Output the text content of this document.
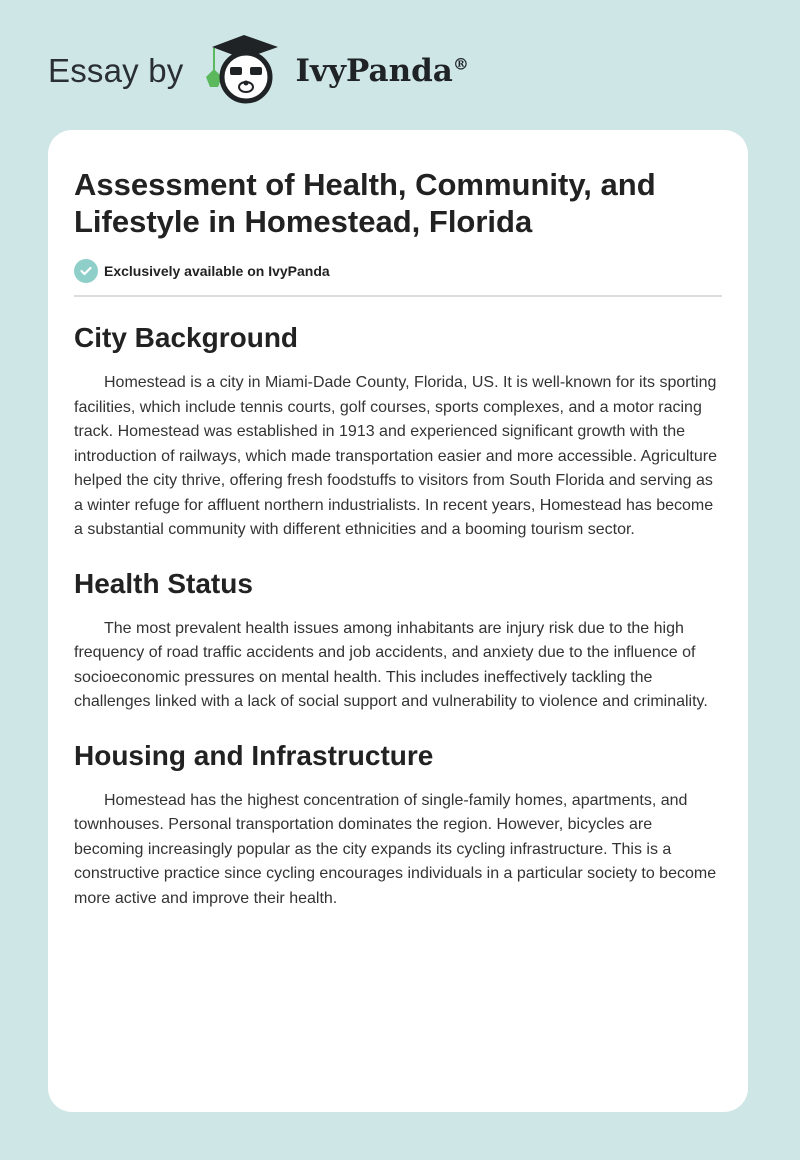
Essay by	IvyPanda®
Assessment of Health, Community, and Lifestyle in Homestead, Florida
Exclusively available on IvyPanda
City Background

Homestead is a city in Miami-Dade County, Florida, US. It is well-known for its sporting facilities, which include tennis courts, golf courses, sports complexes, and a motor racing track. Homestead was established in 1913 and experienced significant growth with the introduction of railways, which made transportation easier and more accessible. Agriculture helped the city thrive, offering fresh foodstuffs to visitors from South Florida and serving as a winter refuge for affluent northern industrialists. In recent years, Homestead has become a substantial community with different ethnicities and a booming tourism sector.

Health Status

The most prevalent health issues among inhabitants are injury risk due to the high frequency of road traffic accidents and job accidents, and anxiety due to the influence of socioeconomic pressures on mental health. This includes ineffectively tackling the challenges linked with a lack of social support and vulnerability to violence and criminality.

Housing and Infrastructure

Homestead has the highest concentration of single-family homes, apartments, and townhouses. Personal transportation dominates the region. However, bicycles are becoming increasingly popular as the city expands its cycling infrastructure. This is a constructive practice since cycling encourages individuals in a particular society to become more active and improve their health.
